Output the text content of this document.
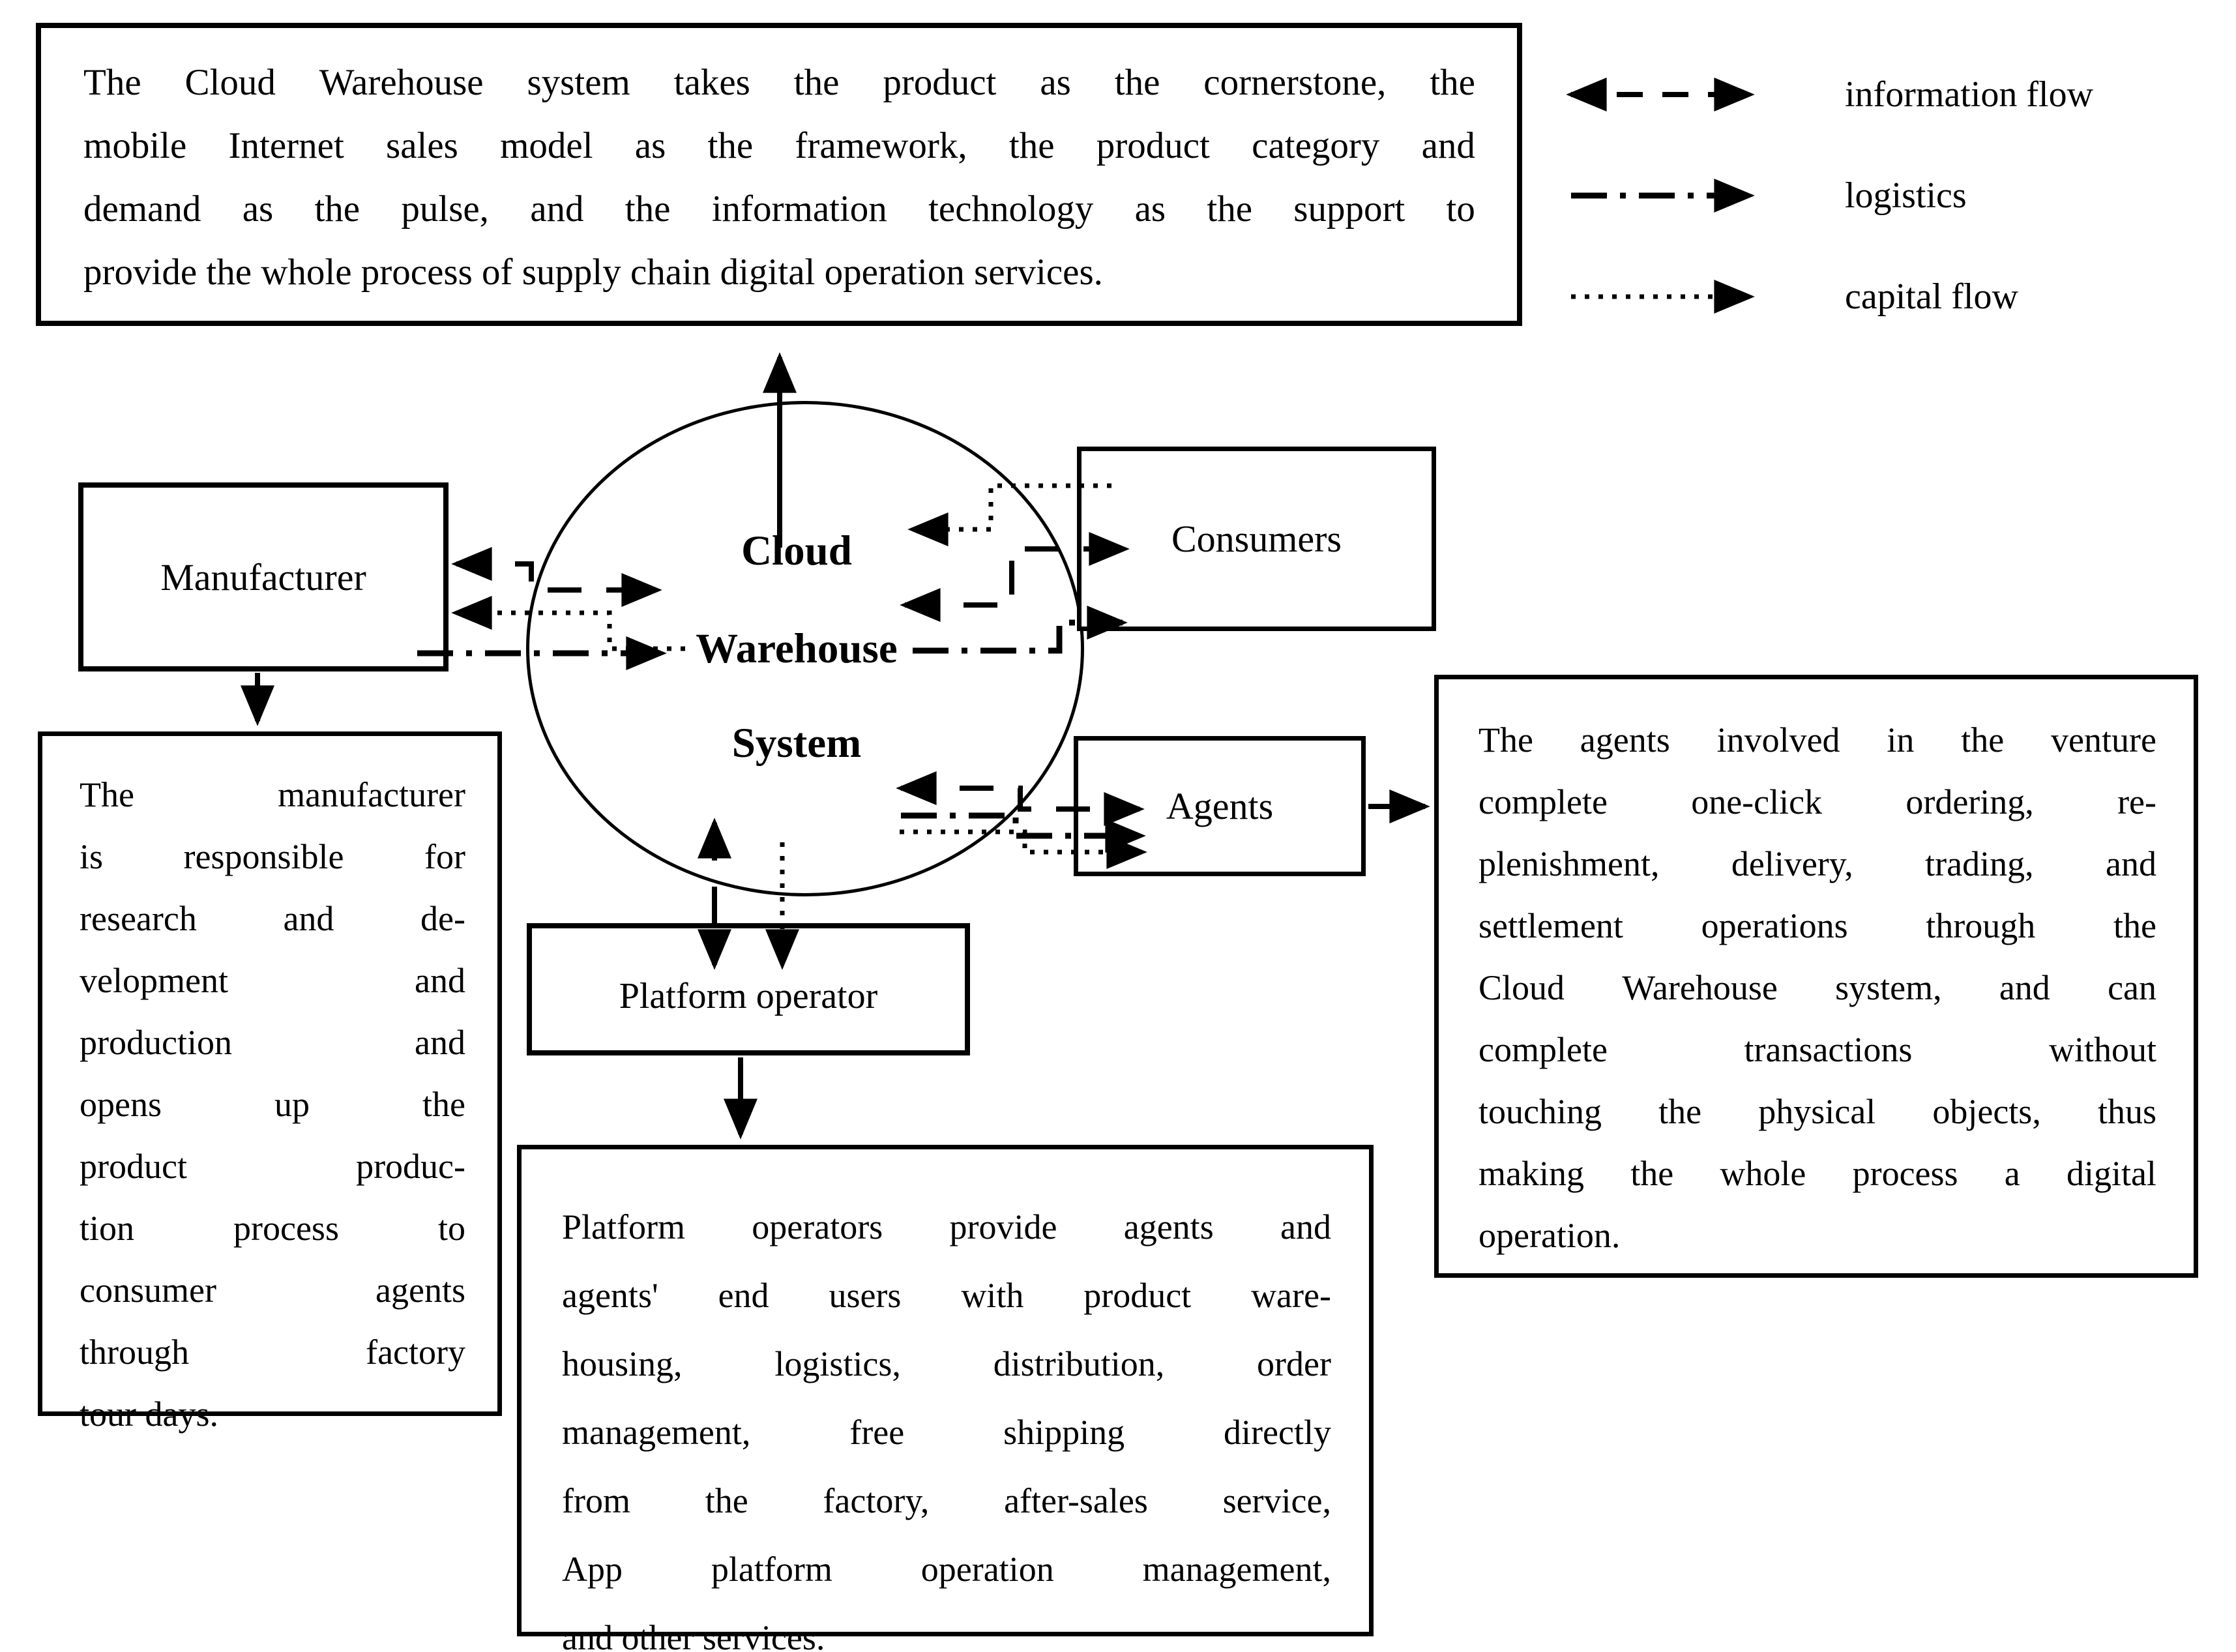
The Cloud Warehouse system takes the product as the cornerstone, the
mobile Internet sales model as the framework, the product category and
demand as the pulse, and the information technology as the support to
provide the whole process of supply chain digital operation services.
information flow
logistics
capital flow
Cloud
Warehouse
System
Manufacturer
Consumers
Agents
Platform operator
The	manufacturer
is responsible for
research and de-
velopment	and
production	and
opens	up	the
product	produc-
tion	process	to
consumer	agents
through	factory
tour days.
Platform operators provide agents and
agents' end users with product ware-
housing,	logistics,	distribution,	order
management,	free	shipping	directly
from the factory, after-sales service,
App	platform	operation	management,
and other services.
The agents involved in the venture
complete one-click ordering, re-
plenishment, delivery, trading, and
settlement operations through the
Cloud Warehouse system, and can
complete	transactions	without
touching the physical objects, thus
making the whole process a digital
operation.
